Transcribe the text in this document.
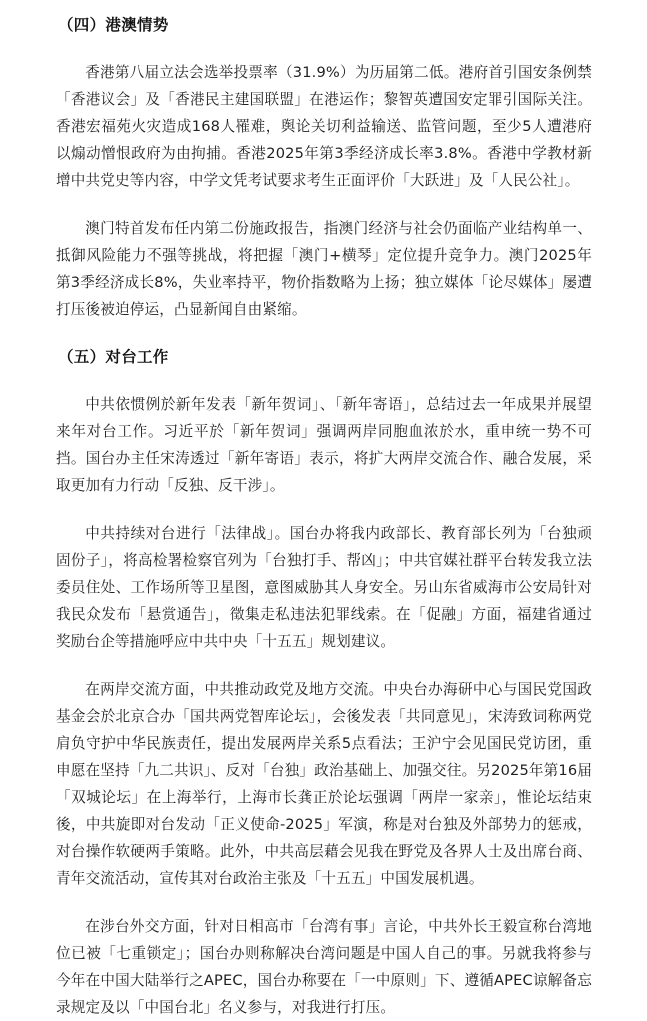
（四）港澳情势

香港第八届立法会选举投票率（31.9%）为历届第二低。港府首引国安条例禁「香港议会」及「香港民主建国联盟」在港运作；黎智英遭国安定罪引国际关注。香港宏福苑火灾造成168人罹难，舆论关切利益输送、监管问题，至少5人遭港府以煽动憎恨政府为由拘捕。香港2025年第3季经济成长率3.8%。香港中学教材新增中共党史等内容，中学文凭考试要求考生正面评价「大跃进」及「人民公社」。

澳门特首发布任内第二份施政报告，指澳门经济与社会仍面临产业结构单一、抵御风险能力不强等挑战，将把握「澳门+横琴」定位提升竞争力。澳门2025年第3季经济成长8%，失业率持平，物价指数略为上扬；独立媒体「论尽媒体」屡遭打压後被迫停运，凸显新闻自由紧缩。

（五）对台工作

中共依惯例於新年发表「新年贺词」、「新年寄语」，总结过去一年成果并展望来年对台工作。习近平於「新年贺词」强调两岸同胞血浓於水，重申统一势不可挡。国台办主任宋涛透过「新年寄语」表示，将扩大两岸交流合作、融合发展，采取更加有力行动「反独、反干涉」。

中共持续对台进行「法律战」。国台办将我内政部长、教育部长列为「台独顽固份子」，将高检署检察官列为「台独打手、帮凶」；中共官媒社群平台转发我立法委员住处、工作场所等卫星图，意图威胁其人身安全。另山东省威海市公安局针对我民众发布「悬赏通告」，徵集走私违法犯罪线索。在「促融」方面，福建省通过奖励台企等措施呼应中共中央「十五五」规划建议。

在两岸交流方面，中共推动政党及地方交流。中央台办海研中心与国民党国政基金会於北京合办「国共两党智库论坛」，会後发表「共同意见」，宋涛致词称两党肩负守护中华民族责任，提出发展两岸关系5点看法；王沪宁会见国民党访团，重申愿在坚持「九二共识」、反对「台独」政治基础上、加强交往。另2025年第16届「双城论坛」在上海举行，上海市长龚正於论坛强调「两岸一家亲」，惟论坛结束後，中共旋即对台发动「正义使命-2025」军演，称是对台独及外部势力的惩戒，对台操作软硬两手策略。此外，中共高层藉会见我在野党及各界人士及出席台商、青年交流活动，宣传其对台政治主张及「十五五」中国发展机遇。

在涉台外交方面，针对日相高市「台湾有事」言论，中共外长王毅宣称台湾地位已被「七重锁定」；国台办则称解决台湾问题是中国人自己的事。另就我将参与今年在中国大陆举行之APEC，国台办称要在「一中原则」下、遵循APEC谅解备忘录规定及以「中国台北」名义参与，对我进行打压。
